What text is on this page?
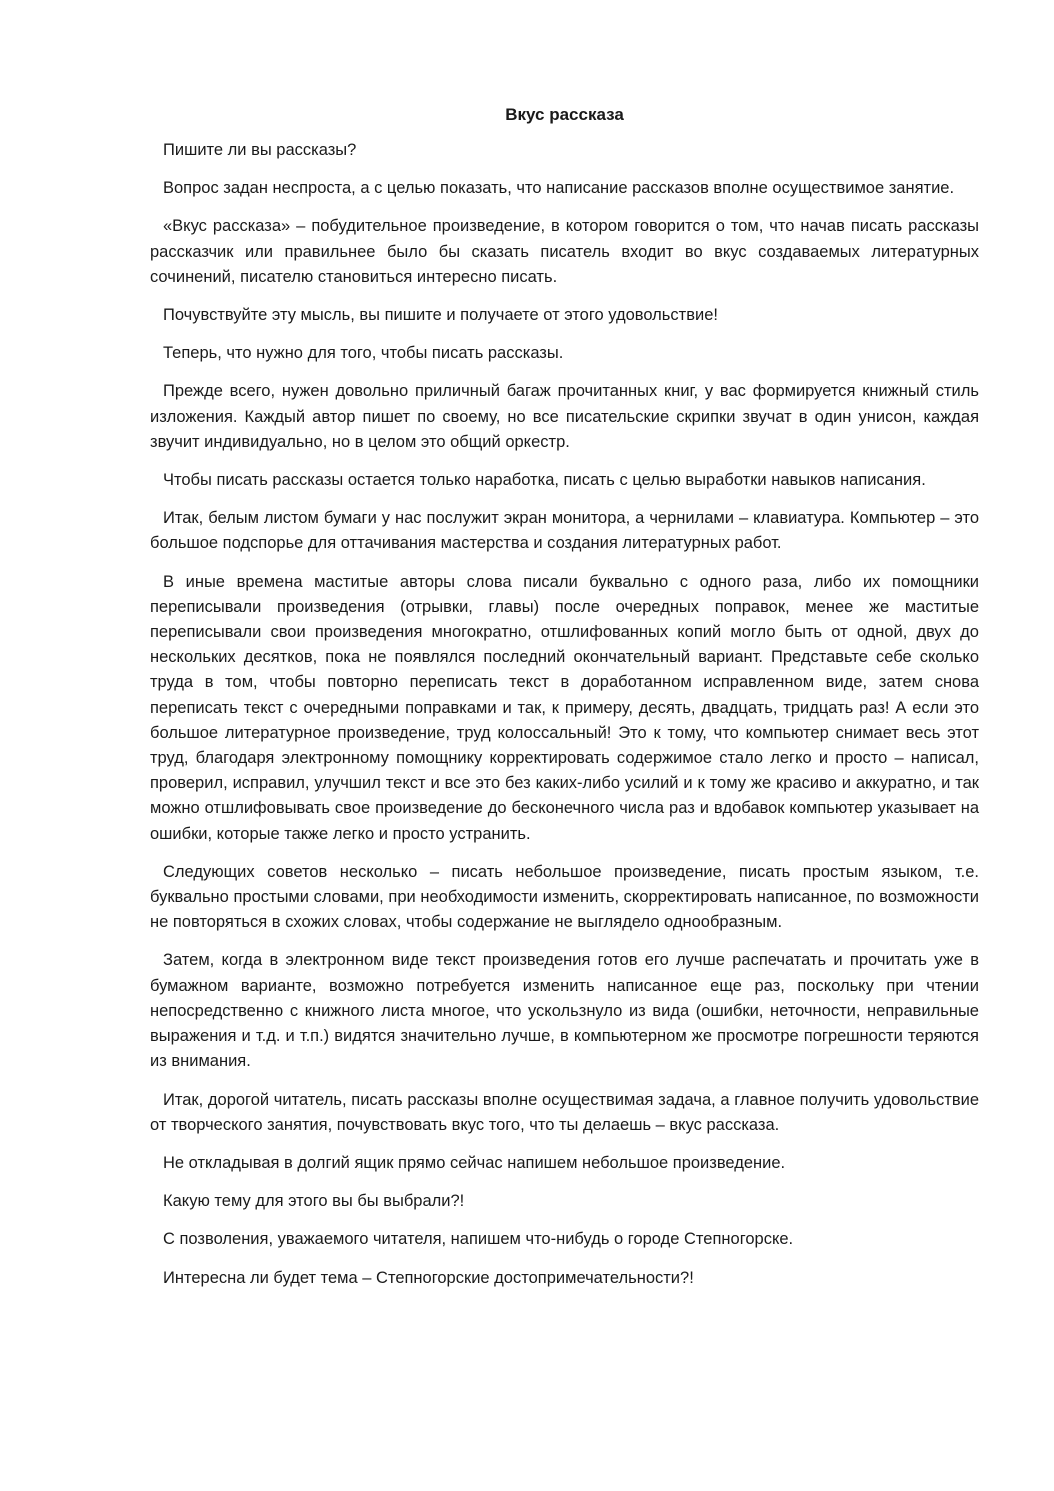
Вкус рассказа

Пишите ли вы рассказы?

Вопрос задан неспроста, а с целью показать, что написание рассказов вполне осуществимое занятие.

«Вкус рассказа» – побудительное произведение, в котором говорится о том, что начав писать рассказы рассказчик или правильнее было бы сказать писатель входит во вкус создаваемых литературных сочинений, писателю становиться интересно писать.

Почувствуйте эту мысль, вы пишите и получаете от этого удовольствие!

Теперь, что нужно для того, чтобы писать рассказы.

Прежде всего, нужен довольно приличный багаж прочитанных книг, у вас формируется книжный стиль изложения. Каждый автор пишет по своему, но все писательские скрипки звучат в один унисон, каждая звучит индивидуально, но в целом это общий оркестр.

Чтобы писать рассказы остается только наработка, писать с целью выработки навыков написания.

Итак, белым листом бумаги у нас послужит экран монитора, а чернилами – клавиатура. Компьютер – это большое подспорье для оттачивания мастерства и создания литературных работ.

В иные времена маститые авторы слова писали буквально с одного раза, либо их помощники переписывали произведения (отрывки, главы) после очередных поправок, менее же маститые переписывали свои произведения многократно, отшлифованных копий могло быть от одной, двух до нескольких десятков, пока не появлялся последний окончательный вариант. Представьте себе сколько труда в том, чтобы повторно переписать текст в доработанном исправленном виде, затем снова переписать текст с очередными поправками и так, к примеру, десять, двадцать, тридцать раз! А если это большое литературное произведение, труд колоссальный! Это к тому, что компьютер снимает весь этот труд, благодаря электронному помощнику корректировать содержимое стало легко и просто – написал, проверил, исправил, улучшил текст и все это без каких-либо усилий и к тому же красиво и аккуратно, и так можно отшлифовывать свое произведение до бесконечного числа раз и вдобавок компьютер указывает на ошибки, которые также легко и просто устранить.

Следующих советов несколько – писать небольшое произведение, писать простым языком, т.е. буквально простыми словами, при необходимости изменить, скорректировать написанное, по возможности не повторяться в схожих словах, чтобы содержание не выглядело однообразным.

Затем, когда в электронном виде текст произведения готов его лучше распечатать и прочитать уже в бумажном варианте, возможно потребуется изменить написанное еще раз, поскольку при чтении непосредственно с книжного листа многое, что ускользнуло из вида (ошибки, неточности, неправильные выражения и т.д. и т.п.) видятся значительно лучше, в компьютерном же просмотре погрешности теряются из внимания.

Итак, дорогой читатель, писать рассказы вполне осуществимая задача, а главное получить удовольствие от творческого занятия, почувствовать вкус того, что ты делаешь – вкус рассказа.

Не откладывая в долгий ящик прямо сейчас напишем небольшое произведение.

Какую тему для этого вы бы выбрали?!

С позволения, уважаемого читателя, напишем что-нибудь о городе Степногорске.

Интересна ли будет тема – Степногорские достопримечательности?!
